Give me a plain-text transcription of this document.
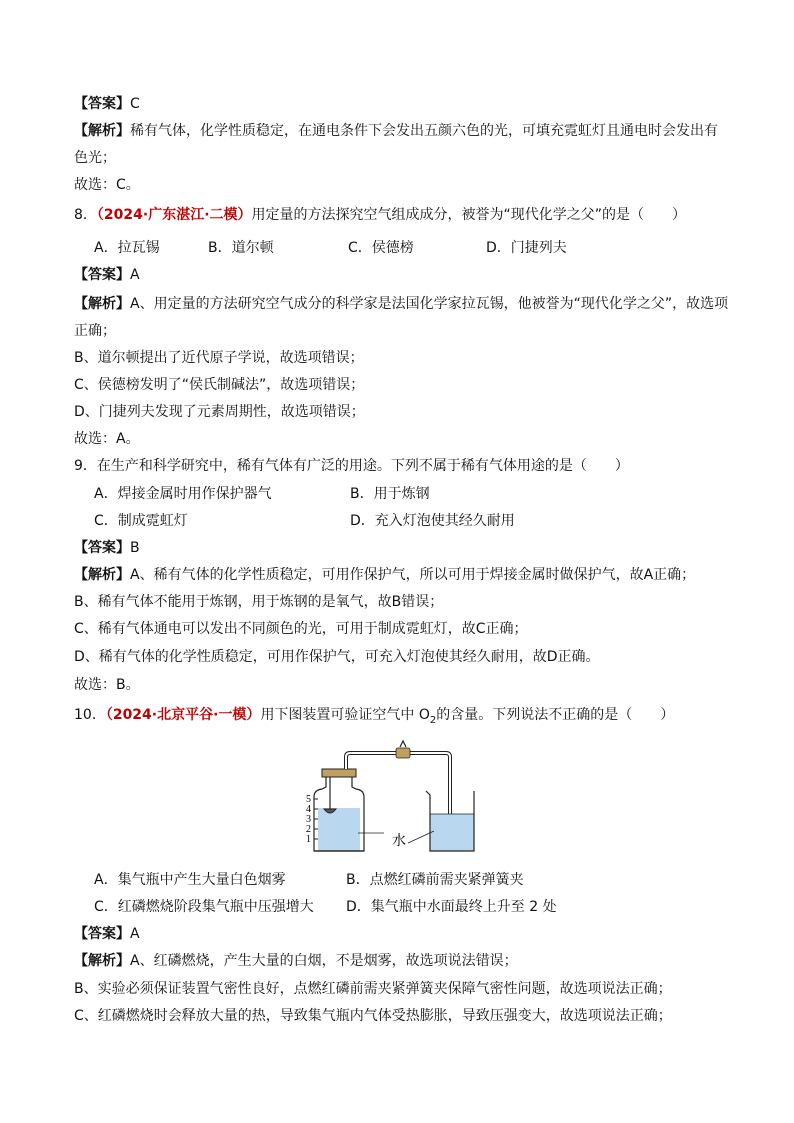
【答案】C
【解析】稀有气体，化学性质稳定，在通电条件下会发出五颜六色的光，可填充霓虹灯且通电时会发出有
色光；
故选：C。
8．（2024·广东湛江·二模）用定量的方法探究空气组成成分，被誉为“现代化学之父”的是（　　）
A．拉瓦锡	B．道尔顿	C．侯德榜	D．门捷列夫
【答案】A
【解析】A、用定量的方法研究空气成分的科学家是法国化学家拉瓦锡，他被誉为“现代化学之父”，故选项
正确；
B、道尔顿提出了近代原子学说，故选项错误；
C、侯德榜发明了“侯氏制碱法”，故选项错误；
D、门捷列夫发现了元素周期性，故选项错误；
故选：A。
9．在生产和科学研究中，稀有气体有广泛的用途。下列不属于稀有气体用途的是（　　）
A．焊接金属时用作保护器气	B．用于炼钢
C．制成霓虹灯	D．充入灯泡使其经久耐用
【答案】B
【解析】A、稀有气体的化学性质稳定，可用作保护气，所以可用于焊接金属时做保护气，故A正确；
B、稀有气体不能用于炼钢，用于炼钢的是氧气，故B错误；
C、稀有气体通电可以发出不同颜色的光，可用于制成霓虹灯，故C正确；
D、稀有气体的化学性质稳定，可用作保护气，可充入灯泡使其经久耐用，故D正确。
故选：B。
10．（2024·北京平谷·一模）用下图装置可验证空气中 $O_2$的含量。下列说法不正确的是（　　）
5
4
3
2
1	水
A．集气瓶中产生大量白色烟雾	B．点燃红磷前需夹紧弹簧夹
C．红磷燃烧阶段集气瓶中压强增大 D．集气瓶中水面最终上升至 2 处
【答案】A
【解析】A、红磷燃烧，产生大量的白烟，不是烟雾，故选项说法错误；
B、实验必须保证装置气密性良好，点燃红磷前需夹紧弹簧夹保障气密性问题，故选项说法正确；
C、红磷燃烧时会释放大量的热，导致集气瓶内气体受热膨胀，导致压强变大，故选项说法正确；
